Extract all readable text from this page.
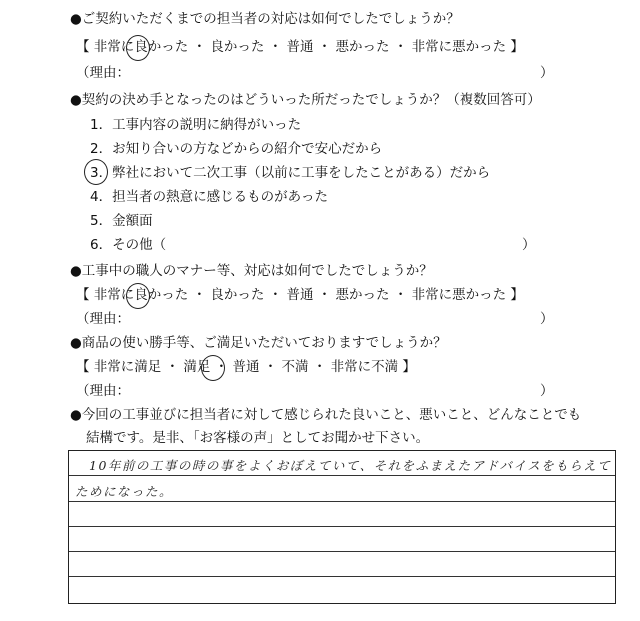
●ご契約いただくまでの担当者の対応は如何でしたでしょうか？
【 非常に良かった ・ 良かった ・ 普通 ・ 悪かった ・ 非常に悪かった 】
（理由：	）
●契約の決め手となったのはどういった所だったでしょうか？（複数回答可）
1．工事内容の説明に納得がいった
2．お知り合いの方などからの紹介で安心だから
3．弊社において二次工事（以前に工事をしたことがある）だから
4．担当者の熱意に感じるものがあった
5．金額面
6．その他（	）
●工事中の職人のマナー等、対応は如何でしたでしょうか？
【 非常に良かった ・ 良かった ・ 普通 ・ 悪かった ・ 非常に悪かった 】
（理由：	）
●商品の使い勝手等、ご満足いただいておりますでしょうか？
【 非常に満足 ・ 満足 ・ 普通 ・ 不満 ・ 非常に不満 】
（理由：	）
●今回の工事並びに担当者に対して感じられた良いこと、悪いこと、どんなことでも
結構です。是非、「お客様の声」としてお聞かせ下さい。
10年前の工事の時の事をよくおぼえていて、それをふまえたアドバイスをもらえて
ためになった。
